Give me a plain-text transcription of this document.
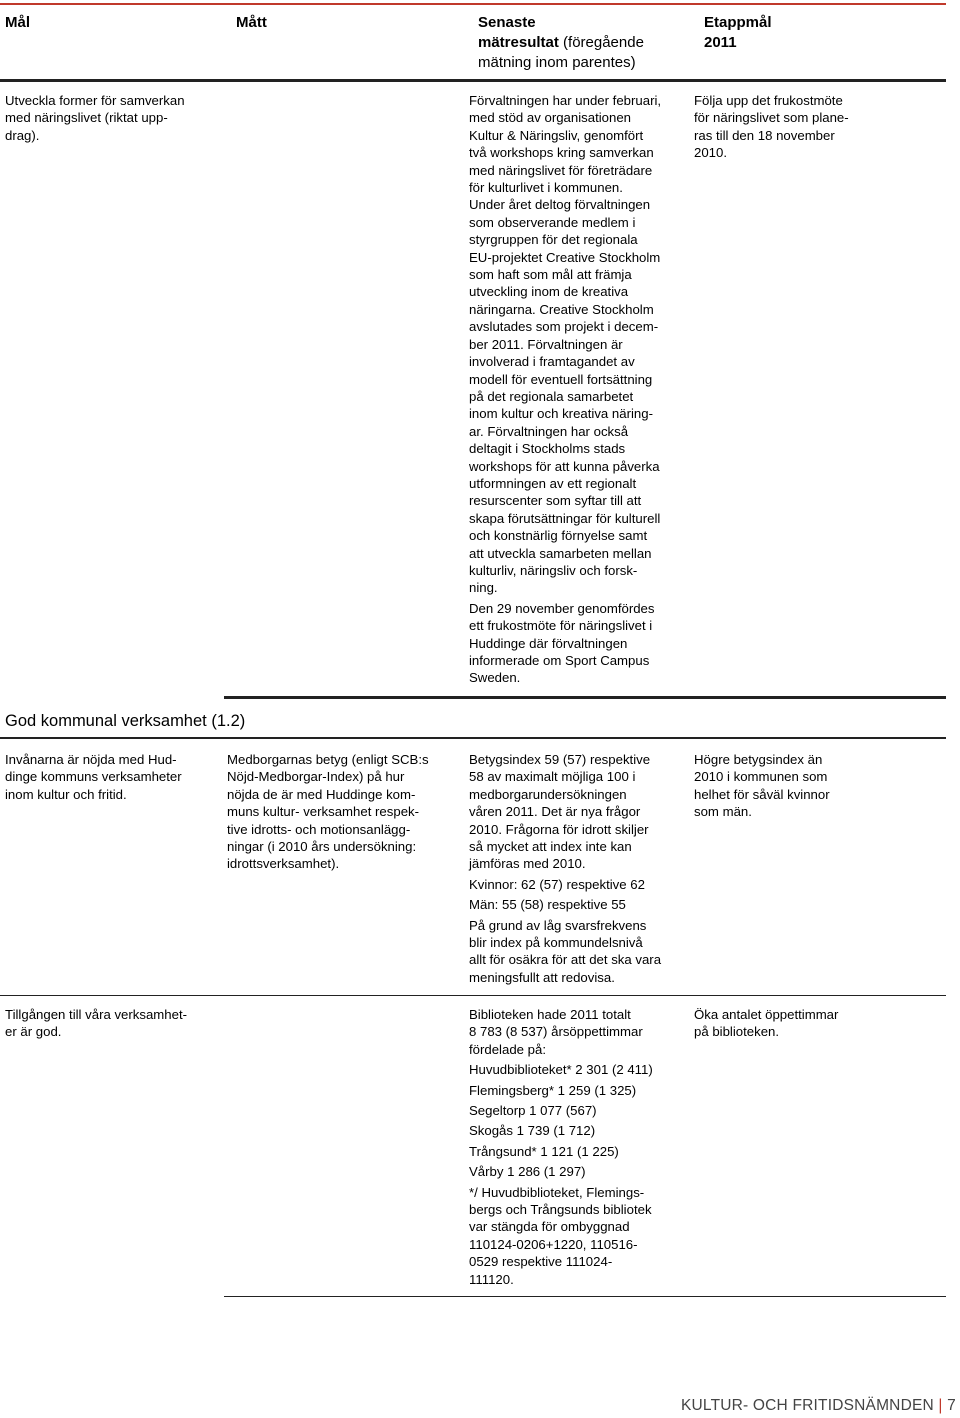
Mål	Mått	Senaste
mätresultat (föregående
mätning inom parentes)
Etappmål
2011
Utveckla former för samverkan
med näringslivet (riktat upp-
drag).
Förvaltningen har under februari,
med stöd av organisationen
Kultur & Näringsliv, genomfört
två workshops kring samverkan
med näringslivet för företrädare
för kulturlivet i kommunen.
Under året deltog förvaltningen
som observerande medlem i
styrgruppen för det regionala
EU-projektet Creative Stockholm
som haft som mål att främja
utveckling inom de kreativa
näringarna. Creative Stockholm
avslutades som projekt i decem-
ber 2011. Förvaltningen är
involverad i framtagandet av
modell för eventuell fortsättning
på det regionala samarbetet
inom kultur och kreativa näring-
ar. Förvaltningen har också
deltagit i Stockholms stads
workshops för att kunna påverka
utformningen av ett regionalt
resurscenter som syftar till att
skapa förutsättningar för kulturell
och konstnärlig förnyelse samt
att utveckla samarbeten mellan
kulturliv, näringsliv och forsk-
ning.
Den 29 november genomfördes
ett frukostmöte för näringslivet i
Huddinge där förvaltningen
informerade om Sport Campus
Sweden.
Följa upp det frukostmöte
för näringslivet som plane-
ras till den 18 november
2010.
God kommunal verksamhet (1.2)
Invånarna är nöjda med Hud-
dinge kommuns verksamheter
inom kultur och fritid.
Medborgarnas betyg (enligt SCB:s
Nöjd-Medborgar-Index) på hur
nöjda de är med Huddinge kom-
muns kultur- verksamhet respek-
tive idrotts- och motionsanlägg-
ningar (i 2010 års undersökning:
idrottsverksamhet).
Betygsindex 59 (57) respektive
58 av maximalt möjliga 100 i
medborgarundersökningen
våren 2011. Det är nya frågor
2010. Frågorna för idrott skiljer
så mycket att index inte kan
jämföras med 2010.
Kvinnor: 62 (57) respektive 62
Män: 55 (58) respektive 55
På grund av låg svarsfrekvens
blir index på kommundelsnivå
allt för osäkra för att det ska vara
meningsfullt att redovisa.
Högre betygsindex än
2010 i kommunen som
helhet för såväl kvinnor
som män.
Tillgången till våra verksamhet-
er är god.
Biblioteken hade 2011 totalt
8 783 (8 537) årsöppettimmar
fördelade på:
Huvudbiblioteket* 2 301 (2 411)
Flemingsberg* 1 259 (1 325)
Segeltorp 1 077 (567)
Skogås 1 739 (1 712)
Trångsund* 1 121 (1 225)
Vårby 1 286 (1 297)
*/ Huvudbiblioteket, Flemings-
bergs och Trångsunds bibliotek
var stängda för ombyggnad
110124-0206+1220, 110516-
0529 respektive 111024-
111120.
Öka antalet öppettimmar
på biblioteken.
KULTUR- OCH FRITIDSNÄMNDEN | 7
